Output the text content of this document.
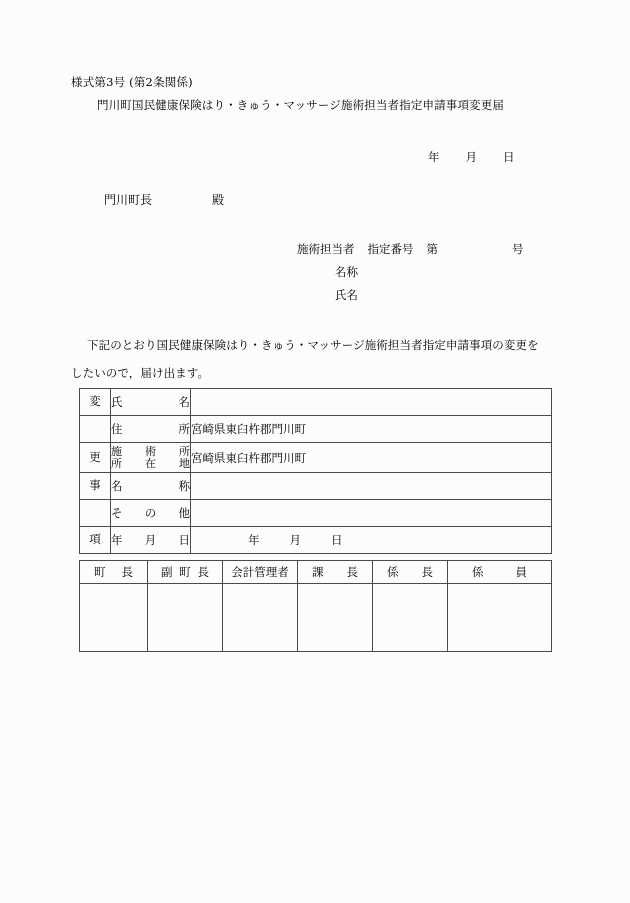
様式第3号 (第2条関係)
門川町国民健康保険はり・きゅう・マッサージ施術担当者指定申請事項変更届
年 月 日
門川町長	殿
施術担当者 指定番号 第	号
名称
氏名
下記のとおり国民健康保険はり・きゅう・マッサージ施術担当者指定申請事項の変更を
したいので，届け出ます。
変	氏 名	

	住 所	宮崎県東臼杵郡門川町
更	施 術 所
所 在 地	宮崎県東臼杵郡門川町
事	名 称	

	そ の 他	

項	年 月 日	年 月 日
町 長	副 町 長	会計管理者	課 長	係 長	係 員
